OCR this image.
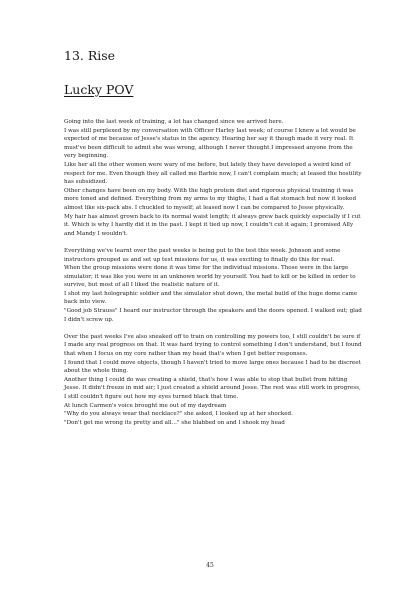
13. Rise
Lucky POV

Going into the last week of training, a lot has changed since we arrived here.

I was still perplexed by my conversation with Officer Harley last week; of course I knew a lot would be expected of me because of Jesse's status in the agency. Hearing her say it though made it very real. It must've been difficult to admit she was wrong, although I never thought I impressed anyone from the very beginning.

Like her all the other women were wary of me before, but lately they have developed a weird kind of respect for me. Even though they all called me Barbie now, I can't complain much; at leased the hostility has subsidized.

Other changes have been on my body. With the high protein diet and rigorous physical training it was more toned and defined. Everything from my arms to my thighs, I had a flat stomach but now it looked almost like six-pack abs. I chuckled to myself; at leased now I can be compared to Jesse physically.

My hair has almost grown back to its normal waist length; it always grew back quickly especially if I cut it. Which is why I hardly did it in the past. I kept it tied up now, I couldn't cut it again; I promised Ally and Mandy I wouldn't.

Everything we've learnt over the past weeks is being put to the test this week. Johnson and some instructors grouped us and set up test missions for us, it was exciting to finally do this for real.

When the group missions were done it was time for the individual missions. Those were in the large simulator; it was like you were in an unknown world by yourself. You had to kill or be killed in order to survive, but most of all I liked the realistic nature of it.

I shot my last holographic soldier and the simulator shut down, the metal build of the huge dome came back into view.

"Good job Strauss" I heard our instructor through the speakers and the doors opened. I walked out; glad I didn't screw up.

Over the past weeks I've also sneaked off to train on controlling my powers too, I still couldn't be sure if I made any real progress on that. It was hard trying to control something I don't understand, but I found that when I focus on my core rather than my head that's when I get better responses.

I found that I could move objects, though I haven't tried to move large ones because I had to be discreet about the whole thing.

Another thing I could do was creating a shield, that's how I was able to stop that bullet from hitting Jesse. It didn't freeze in mid air; I just created a shield around Jesse. The rest was still work in progress, I still couldn't figure out how my eyes turned black that time.

At lunch Carmen's voice brought me out of my daydream

"Why do you always wear that necklace?" she asked, I looked up at her shocked.

"Don't get me wrong its pretty and all..." she blabbed on and I shook my head

45
